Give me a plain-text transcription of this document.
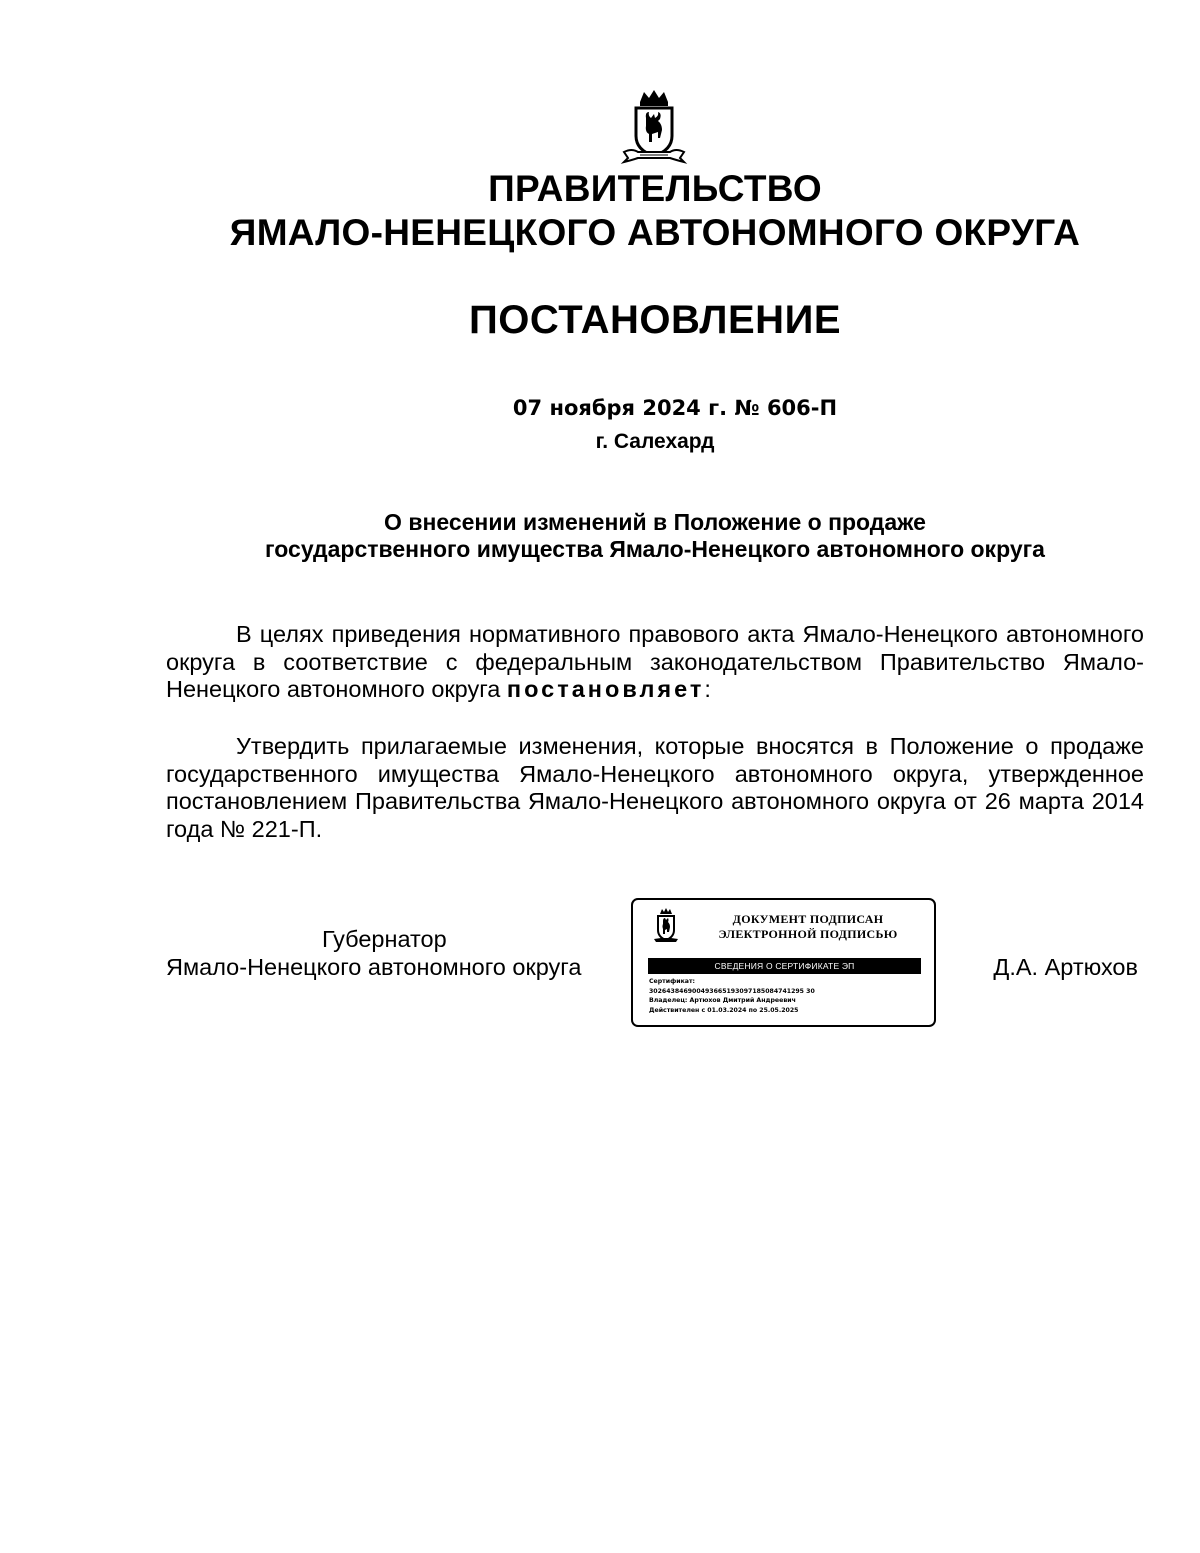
ПРАВИТЕЛЬСТВО
ЯМАЛО-НЕНЕЦКОГО АВТОНОМНОГО ОКРУГА
ПОСТАНОВЛЕНИЕ
07 ноября 2024 г. № 606-П
г. Салехард
О внесении изменений в Положение о продаже
государственного имущества Ямало-Ненецкого автономного округа
В целях приведения нормативного правового акта Ямало-Ненецкого автономного округа в соответствие с федеральным законодательством Правительство Ямало-Ненецкого автономного округа постановляет:
Утвердить прилагаемые изменения, которые вносятся в Положение о продаже государственного имущества Ямало-Ненецкого автономного округа, утвержденное постановлением Правительства Ямало-Ненецкого автономного округа от 26 марта 2014 года № 221-П.
Губернатор
Ямало-Ненецкого автономного округа
ДОКУМЕНТ ПОДПИСАН
ЭЛЕКТРОННОЙ ПОДПИСЬЮ
СВЕДЕНИЯ О СЕРТИФИКАТЕ ЭП
Сертификат:
302643846900493665193097185084741295 30
Владелец: Артюхов Дмитрий Андреевич
Действителен с 01.03.2024 по 25.05.2025
Д.А. Артюхов
